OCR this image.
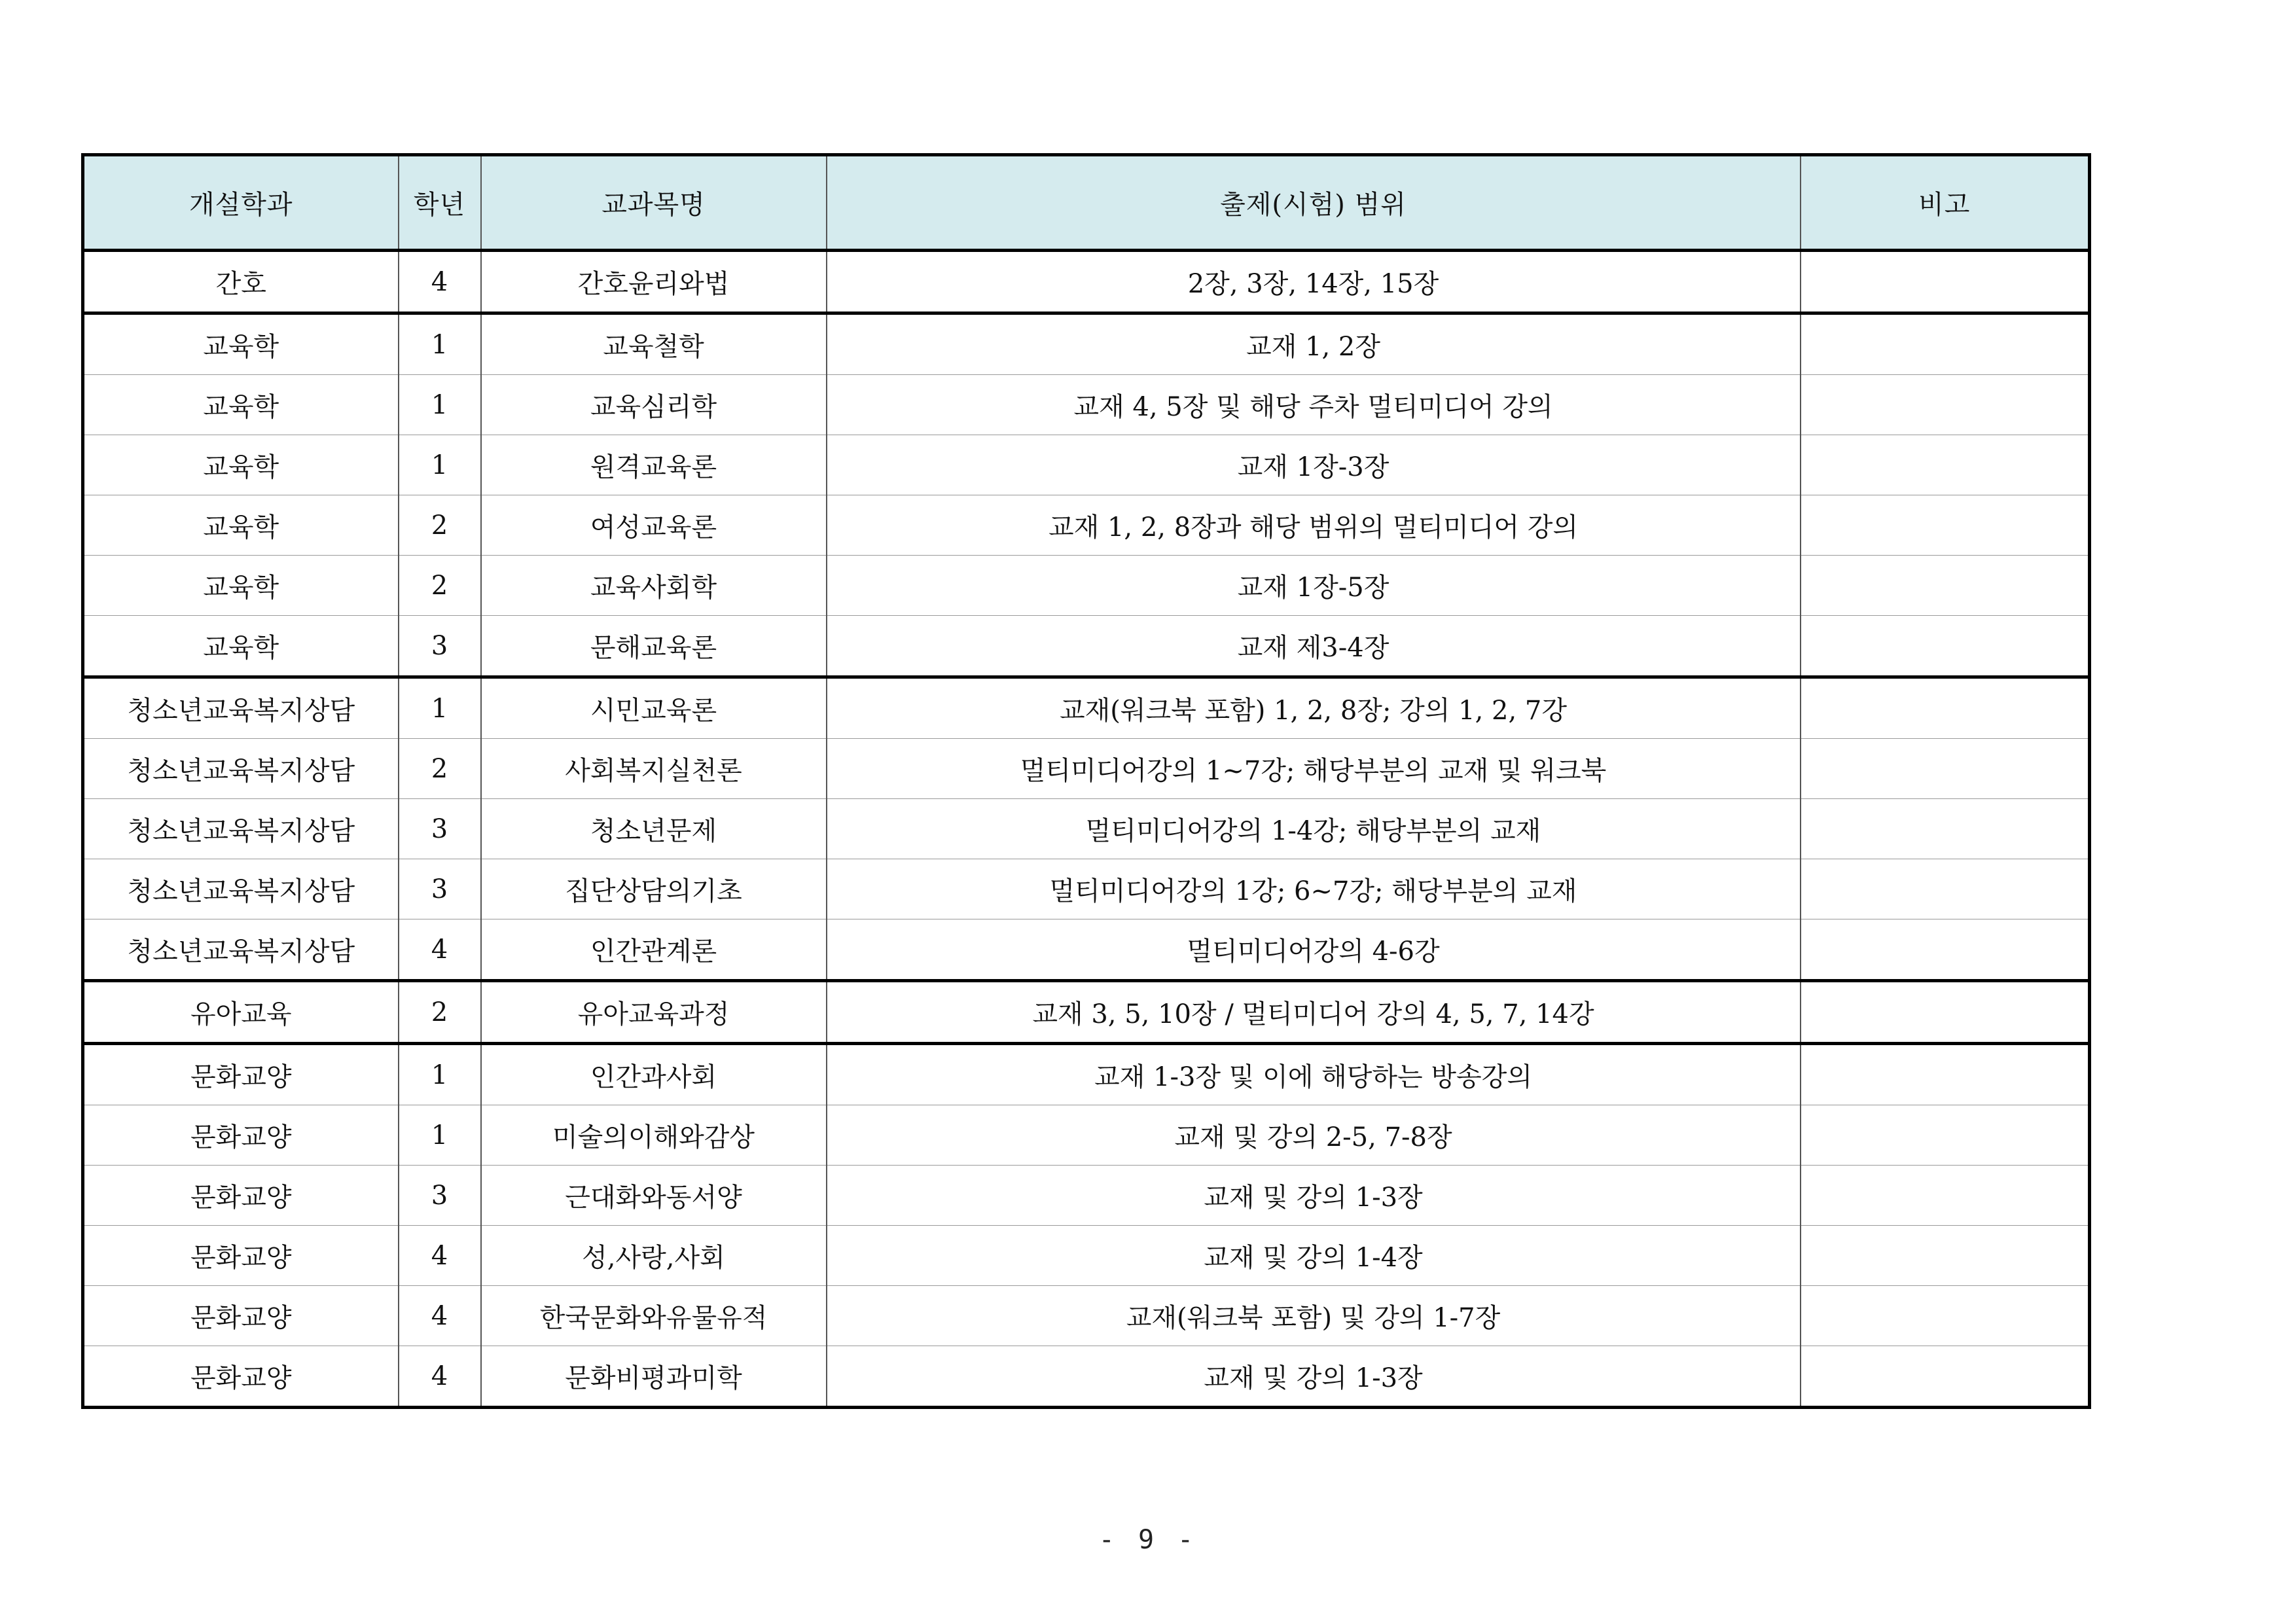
개설학과	학년	교과목명	출제(시험) 범위	비고
간호	4	간호윤리와법	2장, 3장, 14장, 15장	
교육학	1	교육철학	교재 1, 2장	
교육학	1	교육심리학	교재 4, 5장 및 해당 주차 멀티미디어 강의	
교육학	1	원격교육론	교재 1장-3장	
교육학	2	여성교육론	교재 1, 2, 8장과 해당 범위의 멀티미디어 강의	
교육학	2	교육사회학	교재 1장-5장	
교육학	3	문해교육론	교재 제3-4장	
청소년교육복지상담	1	시민교육론	교재(워크북 포함) 1, 2, 8장; 강의 1, 2, 7강	
청소년교육복지상담	2	사회복지실천론	멀티미디어강의 1~7강; 해당부분의 교재 및 워크북	
청소년교육복지상담	3	청소년문제	멀티미디어강의 1-4강; 해당부분의 교재	
청소년교육복지상담	3	집단상담의기초	멀티미디어강의 1강; 6~7강; 해당부분의 교재	
청소년교육복지상담	4	인간관계론	멀티미디어강의 4-6강	
유아교육	2	유아교육과정	교재 3, 5, 10장 / 멀티미디어 강의 4, 5, 7, 14강	
문화교양	1	인간과사회	교재 1-3장 및 이에 해당하는 방송강의	
문화교양	1	미술의이해와감상	교재 및 강의 2-5, 7-8장	
문화교양	3	근대화와동서양	교재 및 강의 1-3장	
문화교양	4	성,사랑,사회	교재 및 강의 1-4장	
문화교양	4	한국문화와유물유적	교재(워크북 포함) 및 강의 1-7장	
문화교양	4	문화비평과미학	교재 및 강의 1-3장	
- 9 -
